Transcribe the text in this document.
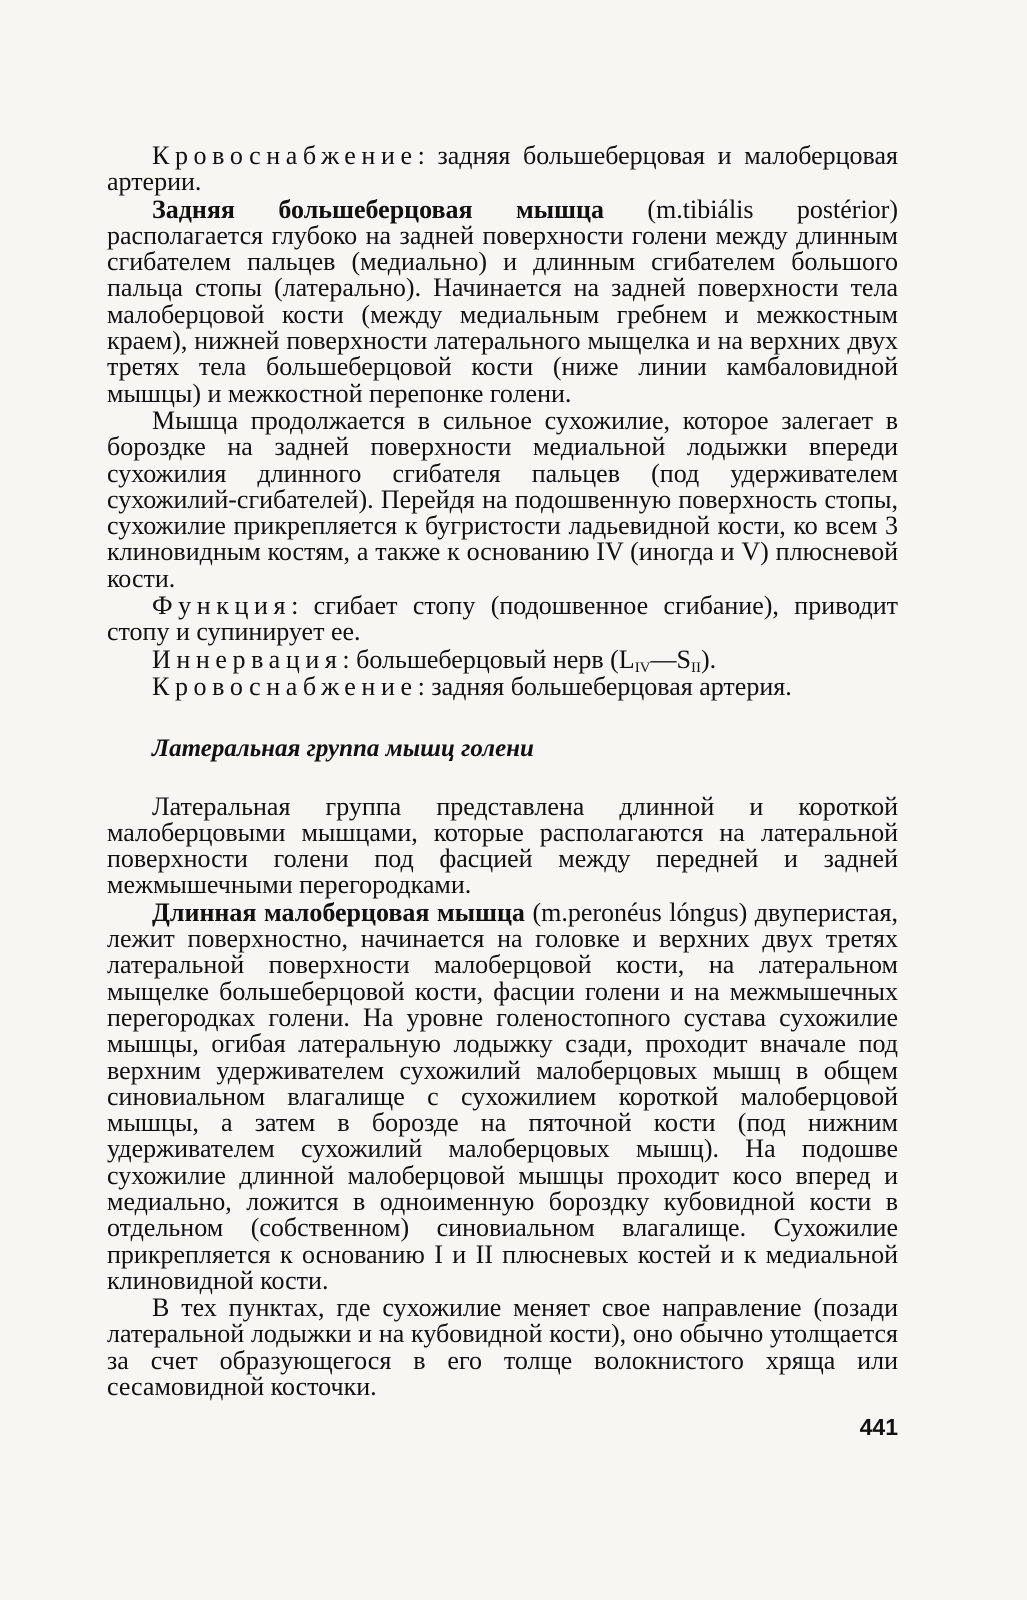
Кровоснабжение: задняя большеберцовая и малоберцовая артерии.

Задняя большеберцовая мышца (m.tibiális postérior) располагается глубоко на задней поверхности голени между длинным сгибателем пальцев (медиально) и длинным сгибателем большого пальца стопы (латерально). Начинается на задней поверхности тела малоберцовой кости (между медиальным гребнем и межкостным краем), нижней поверхности латерального мыщелка и на верхних двух третях тела большеберцовой кости (ниже линии камбаловидной мышцы) и межкостной перепонке голени.

Мышца продолжается в сильное сухожилие, которое залегает в бороздке на задней поверхности медиальной лодыжки впереди сухожилия длинного сгибателя пальцев (под удерживателем сухожилий-сгибателей). Перейдя на подошвенную поверхность стопы, сухожилие прикрепляется к бугристости ладьевидной кости, ко всем 3 клиновидным костям, а также к основанию IV (иногда и V) плюсневой кости.

Функция: сгибает стопу (подошвенное сгибание), приводит стопу и супинирует ее.

Иннервация: большеберцовый нерв $(L_{IV}—S_{II})$.

Кровоснабжение: задняя большеберцовая артерия.

Латеральная группа мышц голени

Латеральная группа представлена длинной и короткой малоберцовыми мышцами, которые располагаются на латеральной поверхности голени под фасцией между передней и задней межмышечными перегородками.

Длинная малоберцовая мышца (m.peronéus lóngus) двуперистая, лежит поверхностно, начинается на головке и верхних двух третях латеральной поверхности малоберцовой кости, на латеральном мыщелке большеберцовой кости, фасции голени и на межмышечных перегородках голени. На уровне голеностопного сустава сухожилие мышцы, огибая латеральную лодыжку сзади, проходит вначале под верхним удерживателем сухожилий малоберцовых мышц в общем синовиальном влагалище с сухожилием короткой малоберцовой мышцы, а затем в борозде на пяточной кости (под нижним удерживателем сухожилий малоберцовых мышц). На подошве сухожилие длинной малоберцовой мышцы проходит косо вперед и медиально, ложится в одноименную бороздку кубовидной кости в отдельном (собственном) синовиальном влагалище. Сухожилие прикрепляется к основанию I и II плюсневых костей и к медиальной клиновидной кости.

В тех пунктах, где сухожилие меняет свое направление (позади латеральной лодыжки и на кубовидной кости), оно обычно утолщается за счет образующегося в его толще волокнистого хряща или сесамовидной косточки.

441
